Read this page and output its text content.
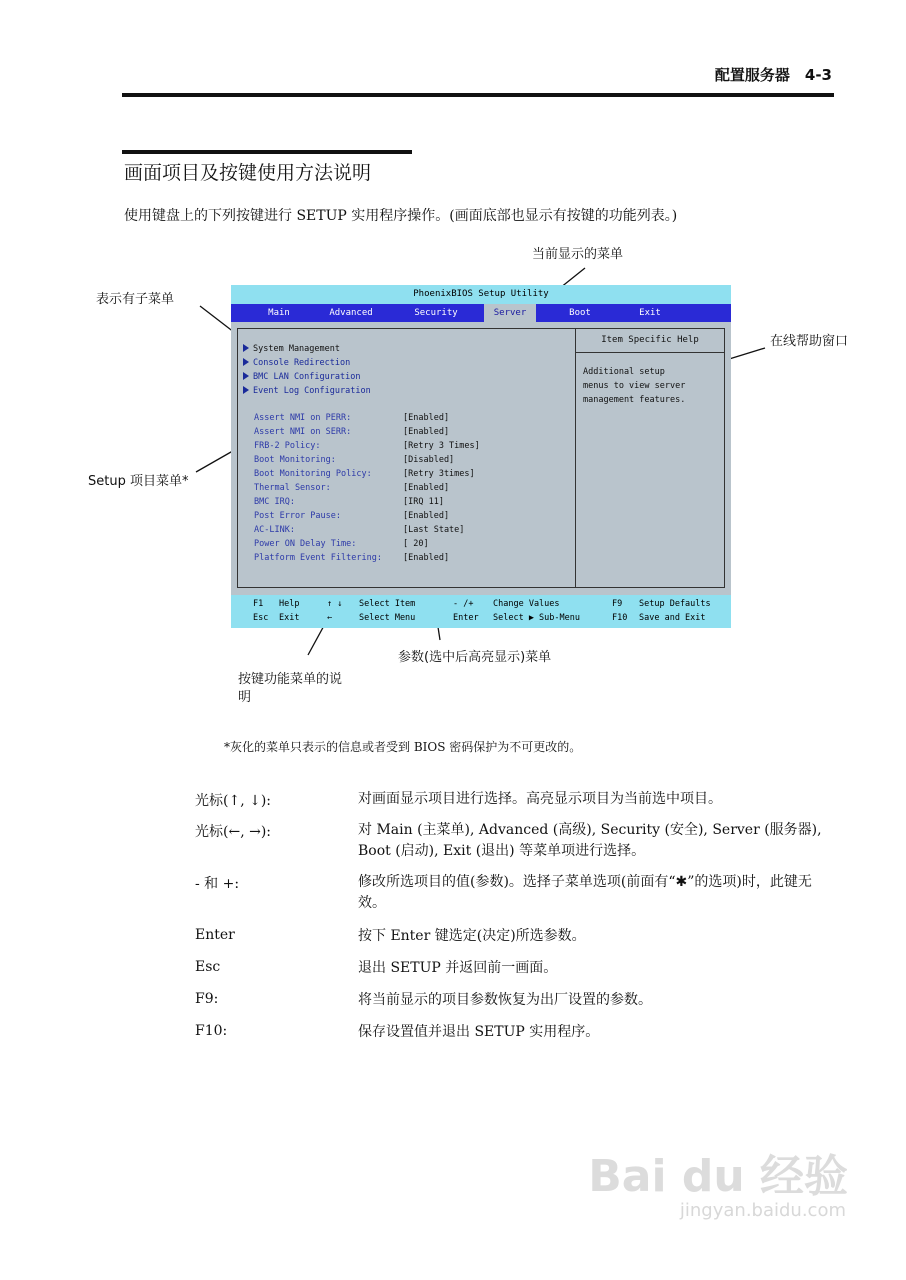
配置服务器　4-3
画面项目及按键使用方法说明
使用键盘上的下列按键进行 SETUP 实用程序操作。(画面底部也显示有按键的功能列表。)
当前显示的菜单
表示有子菜单
在线帮助窗口
Setup 项目菜单*
参数(选中后高亮显示)菜单
按键功能菜单的说
明
PhoenixBIOS Setup Utility
Main	Advanced	Security	Server	Boot	Exit
Item Specific Help
Additional setup
menus to view server
management features.
System Management
Console Redirection
BMC LAN Configuration
Event Log Configuration
Assert NMI on PERR:	[Enabled]
Assert NMI on SERR:	[Enabled]
FRB-2 Policy:	[Retry 3 Times]
Boot Monitoring:	[Disabled]
Boot Monitoring Policy:	[Retry 3times]
Thermal Sensor:	[Enabled]
BMC IRQ:	[IRQ 11]
Post Error Pause:	[Enabled]
AC-LINK:	[Last State]
Power ON Delay Time:	[ 20]
Platform Event Filtering: [Enabled]
F1 Help	↑ ↓ Select Item	- /+ Change Values	F9 Setup Defaults
Esc Exit	←	Select Menu	Enter Select ▶ Sub-Menu	F10 Save and Exit
*灰化的菜单只表示的信息或者受到 BIOS 密码保护为不可更改的。
光标(↑, ↓):	对画面显示项目进行选择。高亮显示项目为当前选中项目。
光标(←, →):	对 Main (主菜单), Advanced (高级), Security (安全), Server (服务器), Boot (启动), Exit (退出) 等菜单项进行选择。
- 和 +:	修改所选项目的值(参数)。选择子菜单选项(前面有“✱”的选项)时，此键无效。
Enter	按下 Enter 键选定(决定)所选参数。
Esc	退出 SETUP 并返回前一画面。
F9:	将当前显示的项目参数恢复为出厂设置的参数。
F10:	保存设置值并退出 SETUP 实用程序。
Bai du 经验
jingyan.baidu.com
